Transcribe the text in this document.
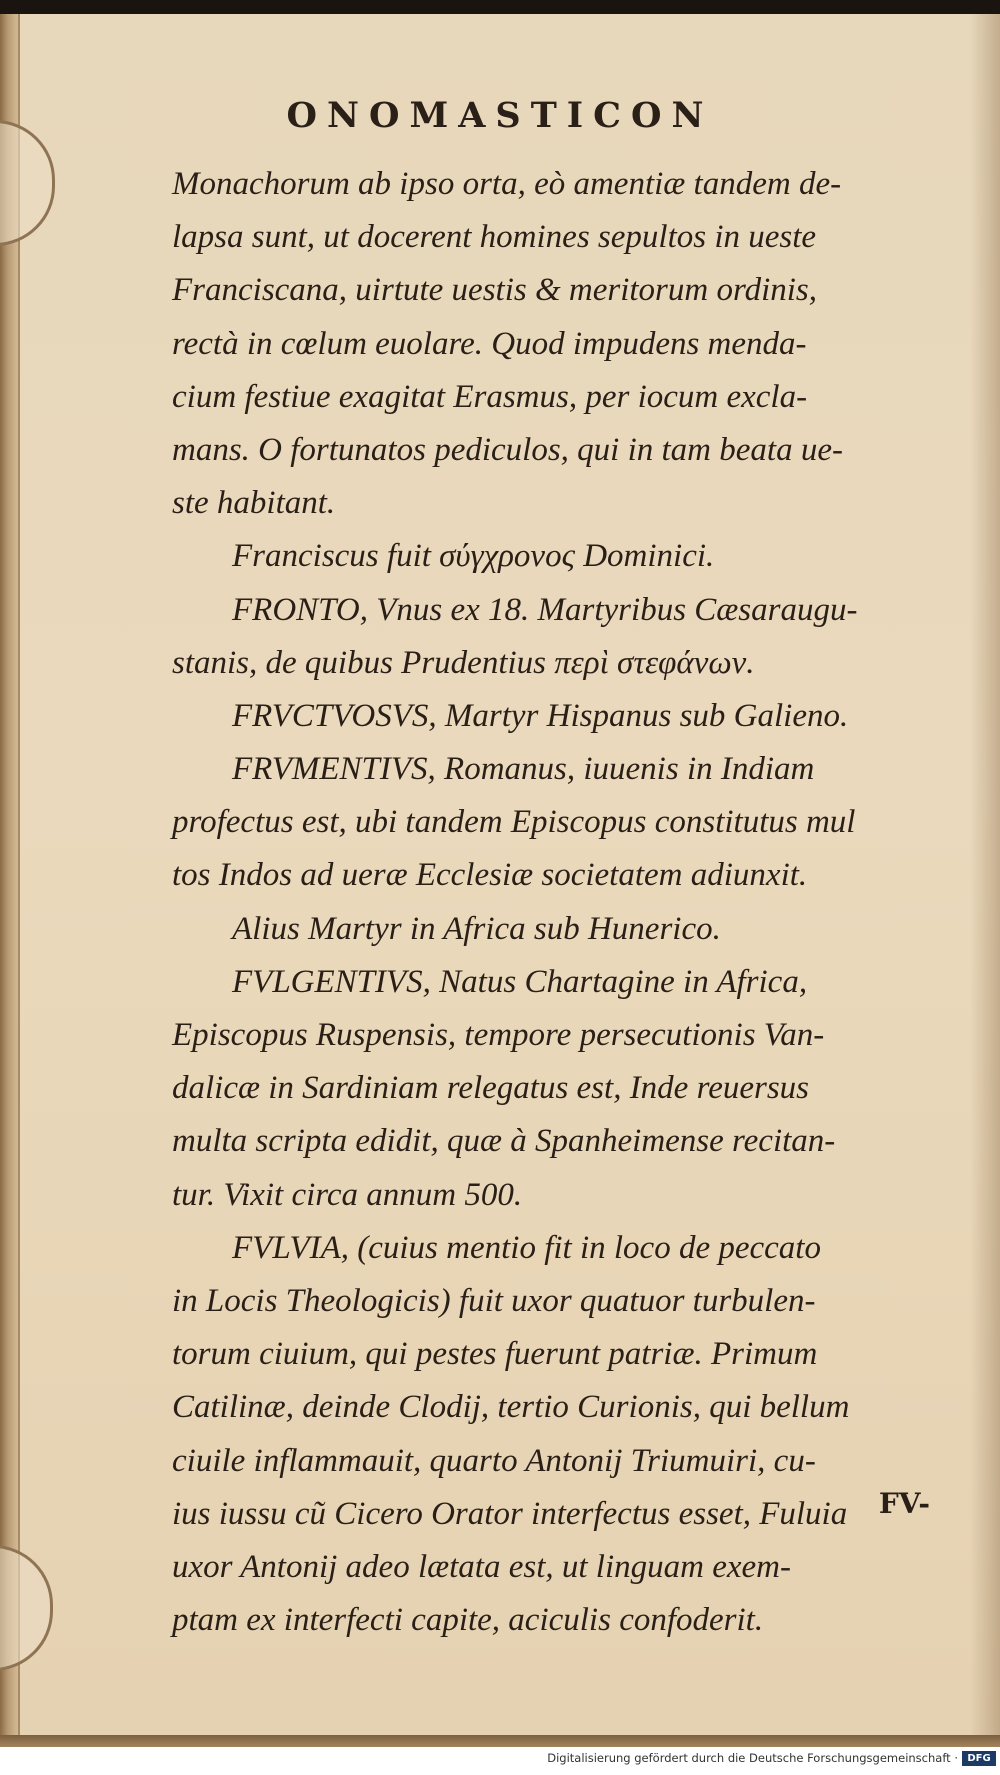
ONOMASTICON
Monachorum ab ipso orta, eò amentiæ tandem de-
lapsa sunt, ut docerent homines sepultos in ueste
Franciscana, uirtute uestis & meritorum ordinis,
rectà in cœlum euolare. Quod impudens menda-
cium festiue exagitat Erasmus, per iocum excla-
mans. O fortunatos pediculos, qui in tam beata ue-
ste habitant.
Franciscus fuit σύγχρονος Dominici.
FRONTO, Vnus ex 18. Martyribus Cæsaraugu-
stanis, de quibus Prudentius περὶ στεφάνων.
FRVCTVOSVS, Martyr Hispanus sub Galieno.
FRVMENTIVS, Romanus, iuuenis in Indiam
profectus est, ubi tandem Episcopus constitutus mul
tos Indos ad ueræ Ecclesiæ societatem adiunxit.
Alius Martyr in Africa sub Hunerico.
FVLGENTIVS, Natus Chartagine in Africa,
Episcopus Ruspensis, tempore persecutionis Van-
dalicæ in Sardiniam relegatus est, Inde reuersus
multa scripta edidit, quæ à Spanheimense recitan-
tur. Vixit circa annum 500.
FVLVIA, (cuius mentio fit in loco de peccato
in Locis Theologicis) fuit uxor quatuor turbulen-
torum ciuium, qui pestes fuerunt patriæ. Primum
Catilinæ, deinde Clodij, tertio Curionis, qui bellum
ciuile inflammauit, quarto Antonij Triumuiri, cu-
ius iussu cũ Cicero Orator interfectus esset, Fuluia
uxor Antonij adeo lætata est, ut linguam exem-
ptam ex interfecti capite, aciculis confoderit.
FV-
Digitalisierung gefördert durch die Deutsche Forschungsgemeinschaft · DFG
